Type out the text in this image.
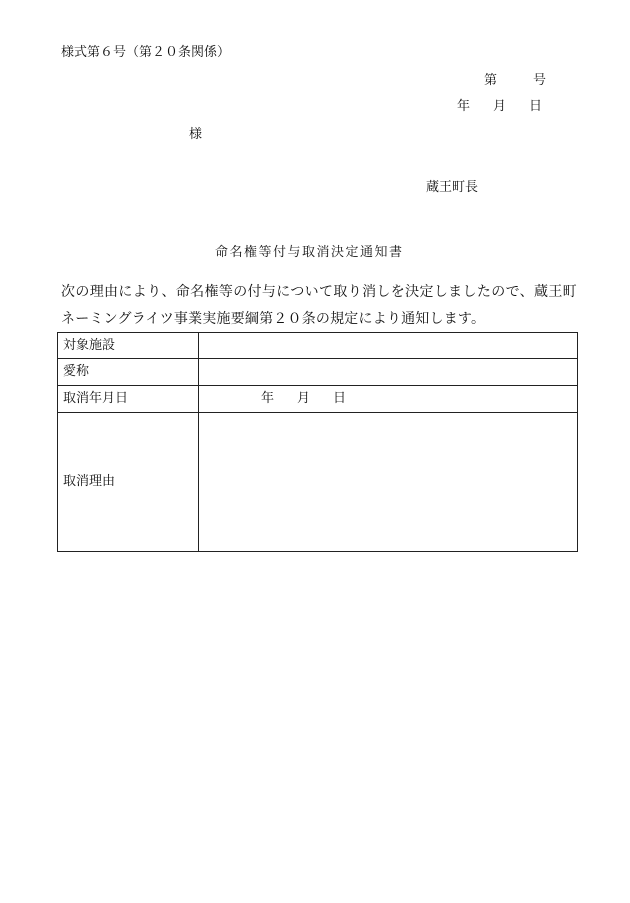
様式第６号（第２０条関係）
第	号
年 月 日
様
蔵王町長
命名権等付与取消決定通知書
次の理由により、命名権等の付与について取り消しを決定しましたので、蔵王町
ネーミングライツ事業実施要綱第２０条の規定により通知します。
対象施設	
愛称	
取消年月日	年 月 日
取消理由	
